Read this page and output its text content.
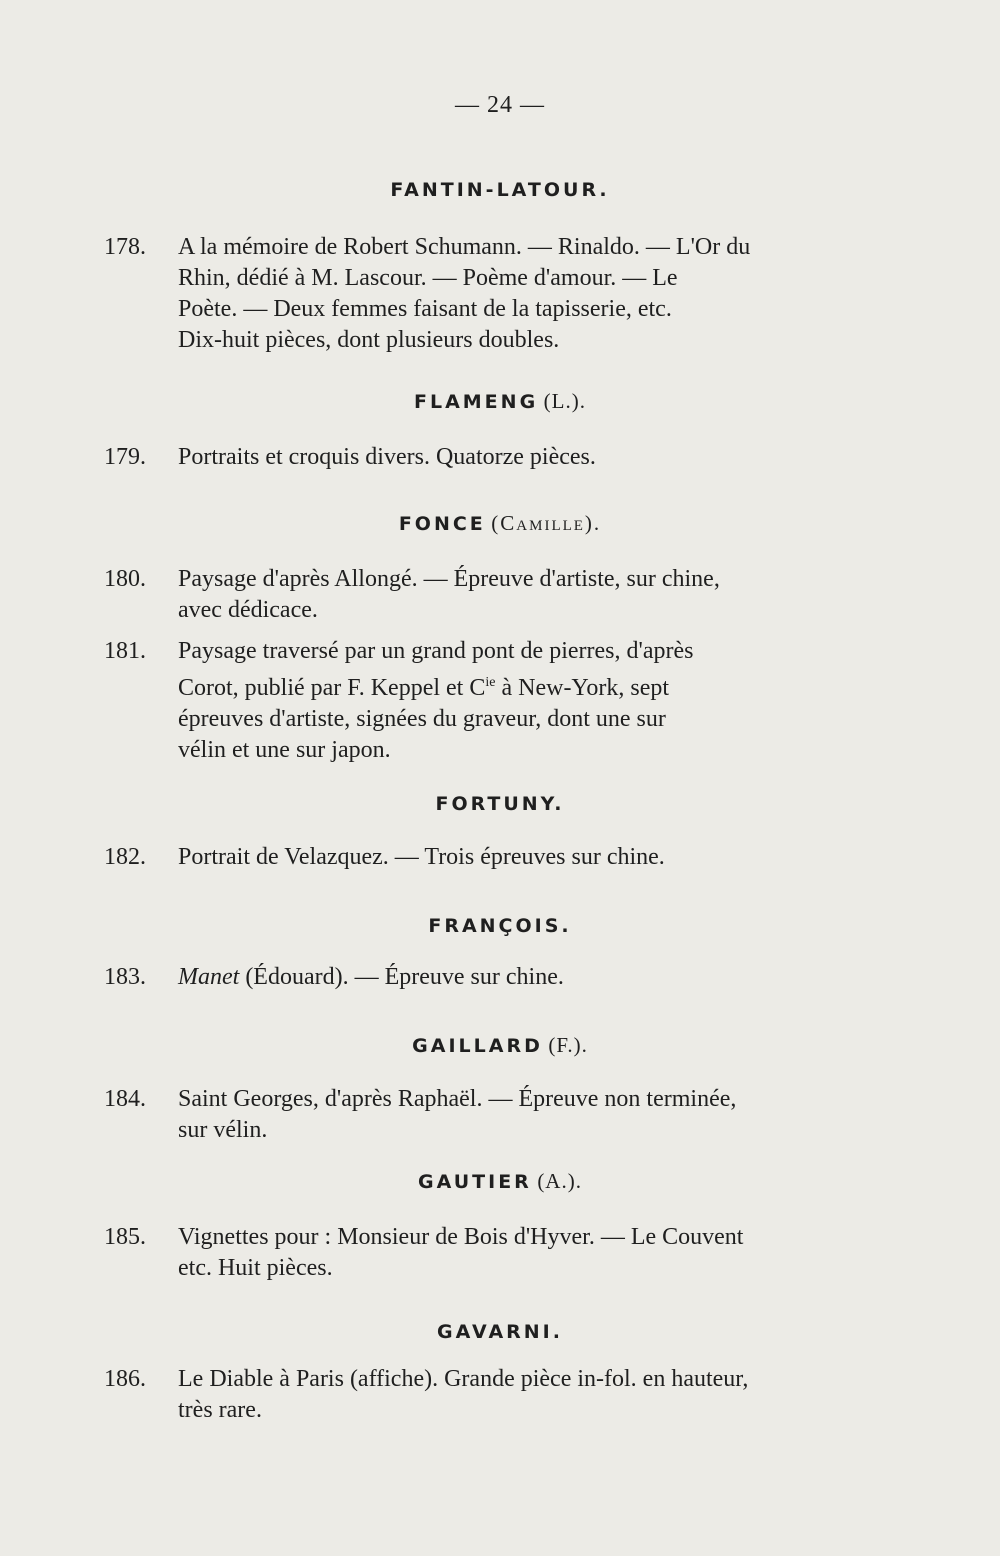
— 24 —
FANTIN-LATOUR.
178.	A la mémoire de Robert Schumann. — Rinaldo. — L'Or du
Rhin, dédié à M. Lascour. — Poème d'amour. — Le
Poète. — Deux femmes faisant de la tapisserie, etc.
Dix-huit pièces, dont plusieurs doubles.
FLAMENG (L.).
179.	Portraits et croquis divers. Quatorze pièces.
FONCE (Camille).
180.	Paysage d'après Allongé. — Épreuve d'artiste, sur chine,
avec dédicace.
181.	Paysage traversé par un grand pont de pierres, d'après
Corot, publié par F. Keppel et $C^{ie}$ à New-York, sept
épreuves d'artiste, signées du graveur, dont une sur
vélin et une sur japon.
FORTUNY.
182.	Portrait de Velazquez. — Trois épreuves sur chine.
FRANÇOIS.
183.	Manet (Édouard). — Épreuve sur chine.
GAILLARD (F.).
184.	Saint Georges, d'après Raphaël. — Épreuve non terminée,
sur vélin.
GAUTIER (A.).
185.	Vignettes pour : Monsieur de Bois d'Hyver. — Le Couvent
etc. Huit pièces.
GAVARNI.
186.	Le Diable à Paris (affiche). Grande pièce in-fol. en hauteur,
très rare.
